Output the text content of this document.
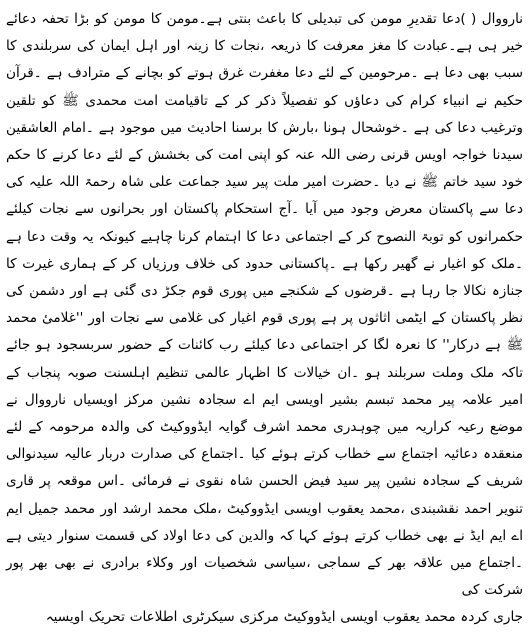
نارووال ( )دعا تقدیرِ مومن کی تبدیلی کا باعث بنتی ہے۔مومن کا مومن کو بڑا تحفہ دعائے خیر ہی ہے۔عبادت کا مغز معرفت کا ذریعہ ،نجات کا زینہ اور اہل ایمان کی سربلندی کا سبب بھی دعا ہے ۔مرحومین کے لئے دعا مغفرت غرق ہوتے کو بچانے کے مترادف ہے ۔قرآن حکیم نے انبیاء کرام کی دعاؤں کو تفصیلاً ذکر کر کے تاقیامت امت محمدی ﷺ کو تلقین وترغیب دعا کی ہے ۔خوشحال ہونا ،بارش کا برسنا احادیث میں موجود ہے ۔امام العاشقین سیدنا خواجہ اویس قرنی رضی اللہ عنہ کو اپنی امت کی بخشش کے لئے دعا کرنے کا حکم خود سید خاتم ﷺ نے دیا ۔حضرت امیر ملت پیر سید جماعت علی شاہ رحمۃ اللہ علیہ کی دعا سے پاکستان معرض وجود میں آیا ۔آج استحکام پاکستان اور بحرانوں سے نجات کیلئے حکمرانوں کو توبۃ النصوح کر کے اجتماعی دعا کا اہتمام کرنا چاہیے کیونکہ یہ وقت دعا ہے ۔ملک کو اغیار نے گھیر رکھا ہے ۔پاکستانی حدود کی خلاف ورزیاں کر کے ہماری غیرت کا جنازہ نکالا جا رہا ہے ۔قرضوں کے شکنجے میں پوری قوم جکڑ دی گئی ہے اور دشمن کی نظر پاکستان کے ایٹمی اثاثوں پر ہے پوری قوم اغیار کی غلامی سے نجات اور ''غلامیٔ محمد ﷺ ہے درکار'' کا نعرہ لگا کر اجتماعی دعا کیلئے رب کائنات کے حضور سربسجود ہو جائے تاکہ ملک وملت سربلند ہو ۔ان خیالات کا اظہار عالمی تنظیم اہلسنت صوبہ پنجاب کے امیر علامہ پیر محمد تبسم بشیر اویسی ایم اے سجادہ نشین مرکز اویسیاں نارووال نے موضع رعیہ کراریہ میں چوہدری محمد اشرف گوایہ ایڈووکیٹ کی والدہ مرحومہ کے لئے منعقدہ دعائیہ اجتماع سے خطاب کرتے ہوئے کیا ۔اجتماع کی صدارت دربار عالیہ سیدنوالی شریف کے سجادہ نشین پیر سید فیض الحسن شاہ نقوی نے فرمائی ۔اس موقعہ پر قاری تنویر احمد نقشبندی ،محمد یعقوب اویسی ایڈووکیٹ ،ملک محمد ارشد اور محمد جمیل ایم اے ایم ایڈ نے بھی خطاب کرتے ہوئے کہا کہ والدین کی دعا اولاد کی قسمت سنوار دیتی ہے ۔اجتماع میں علاقہ بھر کے سماجی ،سیاسی شخصیات اور وکلاء برادری نے بھی بھر پور شرکت کی

جاری کردہ محمد یعقوب اویسی ایڈووکیٹ مرکزی سیکرٹری اطلاعات تحریک اویسیہ
